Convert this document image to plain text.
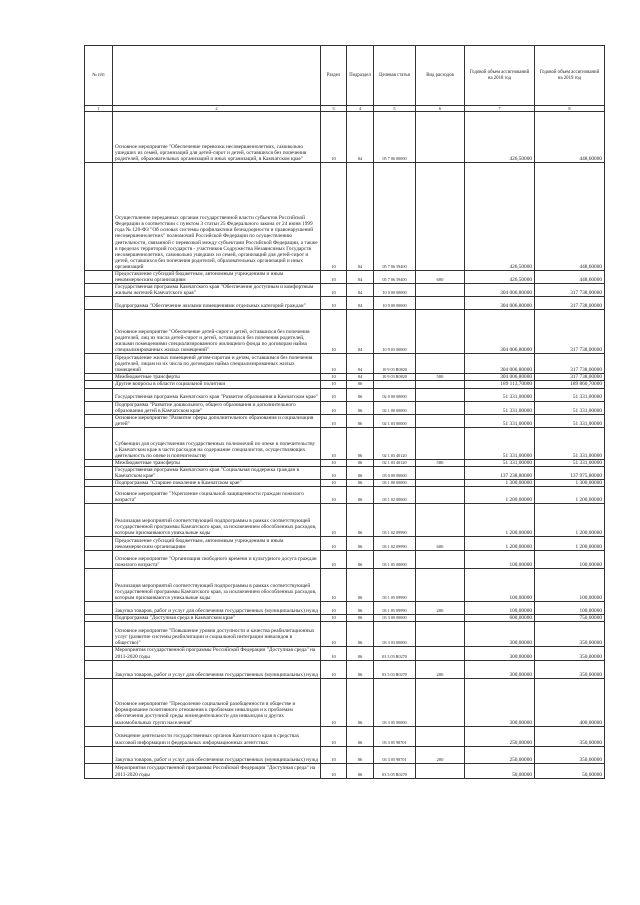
№ п/п		Раздел	Подраздел	Целевая статья	Вид расходов	Годовой объем ассигнований на 2018 год	Годовой объем ассигнований на 2019 год
1	2	3	4	5	6	7	8
	Основное мероприятие "Обеспечение перевозки несовершеннолетних, самовольно ушедших из семей, организаций для детей-сирот и детей, оставшихся без попечения родителей, образовательных организаций и иных организаций, в Камчатском крае"	10	04	05 7 06 00000		426,50000	448,60000
	Осуществление переданных органам государственной власти субъектов Российской Федерации в соответствии с пунктом 3 статьи 25 Федерального закона от 24 июня 1999 года № 120-ФЗ "Об основах системы профилактики безнадзорности и правонарушений несовершеннолетних" полномочий Российской Федерации по осуществлению деятельности, связанной с перевозкой между субъектами Российской Федерации, а также в пределах территорий государств - участников Содружества Независимых Государств несовершеннолетних, самовольно ушедших из семей, организаций для детей-сирот и детей, оставшихся без попечения родителей, образовательных организаций и иных организаций	10	04	05 7 06 59400		426,50000	448,60000
	Предоставление субсидий бюджетным, автономным учреждениям и иным некоммерческим организациям	10	04	05 7 06 59400	600	426,50000	448,60000
	Государственная программа Камчатского края "Обеспечение доступным и комфортным жильем жителей Камчатского края"	10	04	10 0 00 00000		304 006,80000	317 738,00000
	Подпрограмма "Обеспечение жилыми помещениями отдельных категорий граждан"	10	04	10 9 00 00000		304 006,80000	317 738,00000
	Основное мероприятие "Обеспечение детей-сирот и детей, оставшихся без попечения родителей, лиц из числа детей-сирот и детей, оставшихся без попечения родителей, жилыми помещениями специализированного жилищного фонда по договорам найма специализированных жилых помещений"	10	04	10 9 03 00000		304 006,80000	317 738,00000
	Предоставление жилых помещений детям-сиротам и детям, оставшимся без попечения родителей, лицам из их числа по договорам найма специализированных жилых помещений	10	04	10 9 03 R0820		304 006,80000	317 738,00000
	Межбюджетные трансферты	10	04	10 9 03 R0820	500	304 006,80000	317 738,00000
	Другие вопросы в области социальной политики	10	06			189 113,70000	189 860,70000
	Государственная программа Камчатского края "Развитие образования в Камчатском крае"	10	06	02 0 00 00000		51 331,00000	51 331,00000
	Подпрограмма "Развитие дошкольного, общего образования и дополнительного образования детей в Камчатском крае"	10	06	02 1 00 00000		51 331,00000	51 331,00000
	Основное мероприятие "Развитие сферы дополнительного образования и социализация детей"	10	06	02 1 03 00000		51 331,00000	51 331,00000
	Субвенции для осуществления государственных полномочий по опеке и попечительству в Камчатском крае в части расходов на содержание специалистов, осуществляющих деятельность по опеке и попечительству	10	06	02 1 03 40120		51 331,00000	51 331,00000
	Межбюджетные трансферты	10	06	02 1 03 40120	500	51 331,00000	51 331,00000
	Государственная программа Камчатского края "Социальная поддержка граждан в Камчатском крае"	10	06	03 0 00 00000		137 238,80000	137 975,80000
	Подпрограмма "Старшее поколение в Камчатском крае"	10	06	03 1 00 00000		1 300,00000	1 300,00000
	Основное мероприятие "Укрепление социальной защищенности граждан пожилого возраста"	10	06	03 1 02 00000		1 200,00000	1 200,00000
	Реализация мероприятий соответствующей подпрограммы в рамках соответствующей государственной программы Камчатского края, за исключением обособленных расходов, которым присваиваются уникальные коды	10	06	03 1 02 09990		1 200,00000	1 200,00000
	Предоставление субсидий бюджетным, автономным учреждениям и иным некоммерческим организациям	10	06	03 1 02 09990	600	1 200,00000	1 200,00000
	Основное мероприятие "Организация свободного времени и культурного досуга граждан пожилого возраста"	10	06	03 1 05 00000		100,00000	100,00000
	Реализация мероприятий соответствующей подпрограммы в рамках соответствующей государственной программы Камчатского края, за исключением обособленных расходов, которым присваиваются уникальные коды	10	06	03 1 05 09990		100,00000	100,00000
	Закупка товаров, работ и услуг для обеспечения государственных (муниципальных) нужд	10	06	03 1 05 09990	200	100,00000	100,00000
	Подпрограмма "Доступная среда в Камчатском крае"	10	06	03 3 00 00000		600,00000	750,00000
	Основное мероприятие "Повышение уровня доступности и качества реабилитационных услуг (развитие системы реабилитации и социальной интеграции инвалидов в общество)"	10	06	03 3 03 00000		300,00000	350,00000
	Мероприятия государственной программы Российской Федерации "Доступная среда" на 2011-2020 годы	10	06	03 3 03 R0270		300,00000	350,00000
	Закупка товаров, работ и услуг для обеспечения государственных (муниципальных) нужд	10	06	03 3 03 R0270	200	300,00000	350,00000
	Основное мероприятие "Преодоление социальной разобщенности в обществе и формирование позитивного отношения к проблемам инвалидов и к проблемам обеспечения доступной среды жизнедеятельности для инвалидов и других маломобильных групп населения"	10	06	03 3 05 00000		300,00000	400,00000
	Освещение деятельности государственных органов Камчатского края в средствах массовой информации и федеральных информационных агентствах	10	06	03 3 05 98701		250,00000	350,00000
	Закупка товаров, работ и услуг для обеспечения государственных (муниципальных) нужд	10	06	03 3 05 98701	200	250,00000	350,00000
	Мероприятия государственной программы Российской Федерации "Доступная среда" на 2011-2020 годы	10	06	03 3 05 R0270		50,00000	50,00000
